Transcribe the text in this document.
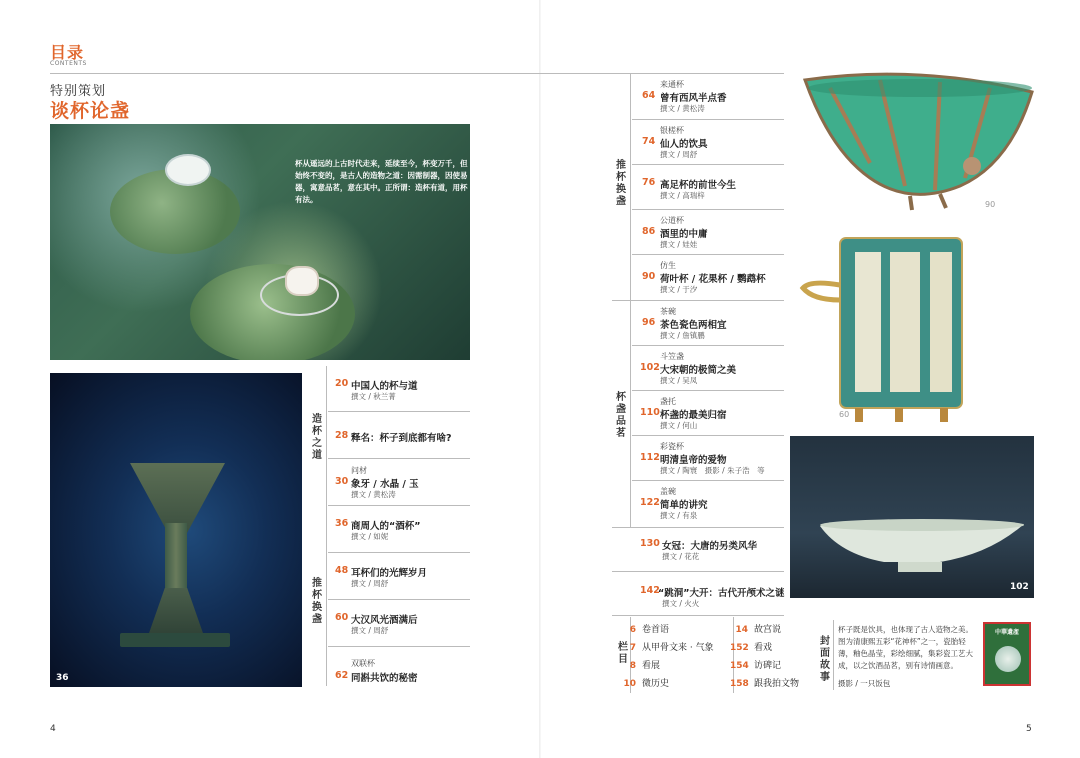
目录
CONTENTS
特别策划
谈杯论盏
杯从遥远的上古时代走来，延续至今，杯变万千，但始终不变的，是古人的造物之道：因需制器，因使易器，寓意品茗，意在其中。正所谓：造杯有道，用杯有法。
36
造杯之道
推杯换盏
20 中国人的杯与道
撰文 / 秋兰菁
28 释名：杯子到底都有啥?
问材
30 象牙 / 水晶 / 玉
撰文 / 黄松涛
36 商周人的“酒杯”
撰文 / 如妮
48 耳杯们的光辉岁月
撰文 / 周舒
60 大汉风光酒满后
撰文 / 周舒
双联杯
62 同斟共饮的秘密
推杯换盏
杯盏品茗
来通杯
64 曾有西风半点香
撰文 / 黄松涛
银槎杯
74 仙人的饮具
撰文 / 周舒
76 高足杯的前世今生
撰文 / 高瑞梓
公道杯
86 酒里的中庸
撰文 / 娃娃
仿生
90 荷叶杯 / 花果杯 / 鹦鹉杯
撰文 / 于汐
茶碗
96 茶色瓷色两相宜
撰文 / 詹镇鹏
斗笠盏
102 大宋朝的极简之美
撰文 / 吴凤
盏托
110 杯盏的最美归宿
撰文 / 何山
彩瓷杯
112 明清皇帝的爱物
撰文 / 陶寰　摄影 / 朱子浩　等
盖碗
122 简单的讲究
撰文 / 有泉
130 女冠：大唐的另类风华
撰文 / 花花
142
“跳洞”大开：古代开颅术之谜
撰文 / 火火
栏目
6 卷首语
7 从甲骨文来 · 气象
8 看展
10 微历史
14 故宫说
152 看戏
154 访碑记
158 跟我拍文物
90
60
102
封面故事
杯子既是饮具，也体现了古人造物之美。图为清康熙五彩“花神杯”之一，瓷胎轻薄，釉色晶莹，彩绘细腻，集彩瓷工艺大成，以之饮酒品茗，别有诗情画意。
摄影 / 一只饭包
中華遺產
4	5
